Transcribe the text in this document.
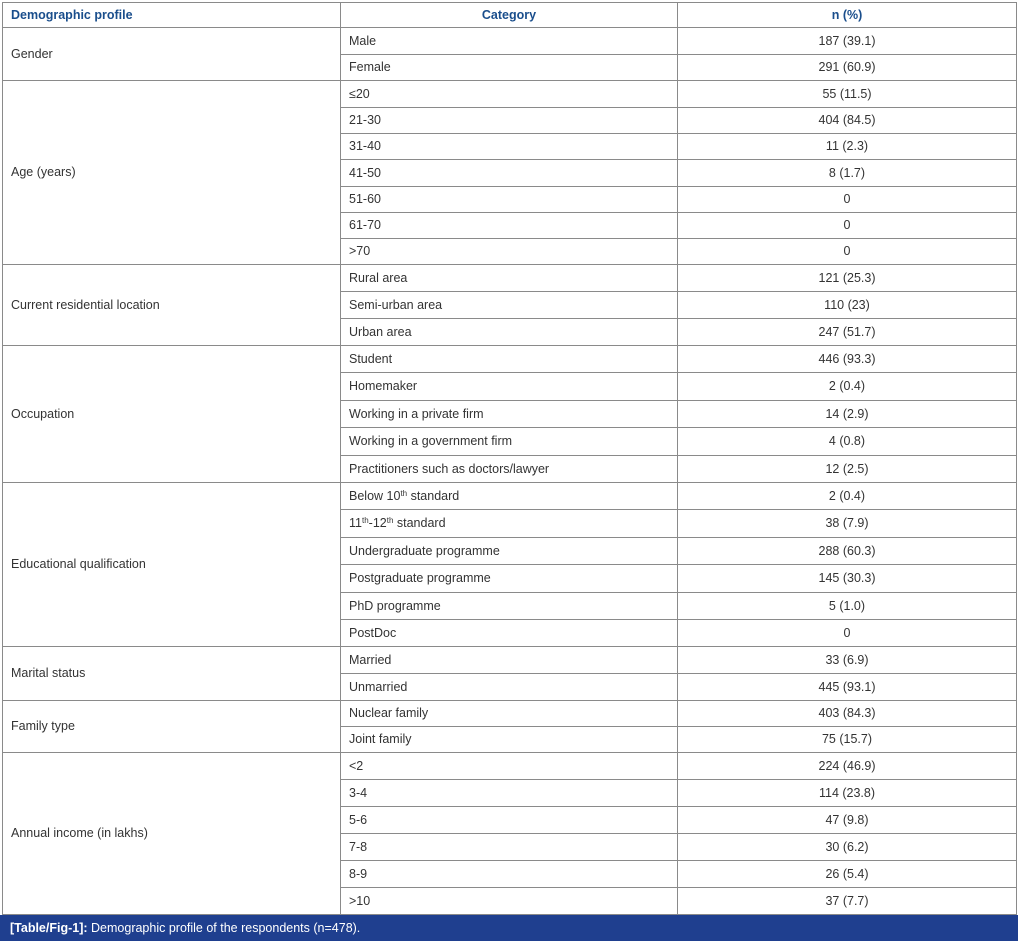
Demographic profile	Category	n (%)
Gender	Male	187 (39.1)
	Female	291 (60.9)
Age (years)	≤20	55 (11.5)
	21-30	404 (84.5)
	31-40	11 (2.3)
	41-50	8 (1.7)
	51-60	0
	61-70	0
	>70	0
Current residential location	Rural area	121 (25.3)
	Semi-urban area	110 (23)
	Urban area	247 (51.7)
Occupation	Student	446 (93.3)
	Homemaker	2 (0.4)
	Working in a private firm	14 (2.9)
	Working in a government firm	4 (0.8)
	Practitioners such as doctors/lawyer	12 (2.5)
Educational qualification	Below 10th standard	2 (0.4)
	11th-12th standard	38 (7.9)
	Undergraduate programme	288 (60.3)
	Postgraduate programme	145 (30.3)
	PhD programme	5 (1.0)
	PostDoc	0
Marital status	Married	33 (6.9)
	Unmarried	445 (93.1)
Family type	Nuclear family	403 (84.3)
	Joint family	75 (15.7)
Annual income (in lakhs)	<2	224 (46.9)
	3-4	114 (23.8)
	5-6	47 (9.8)
	7-8	30 (6.2)
	8-9	26 (5.4)
	>10	37 (7.7)
[Table/Fig-1]: Demographic profile of the respondents (n=478).
